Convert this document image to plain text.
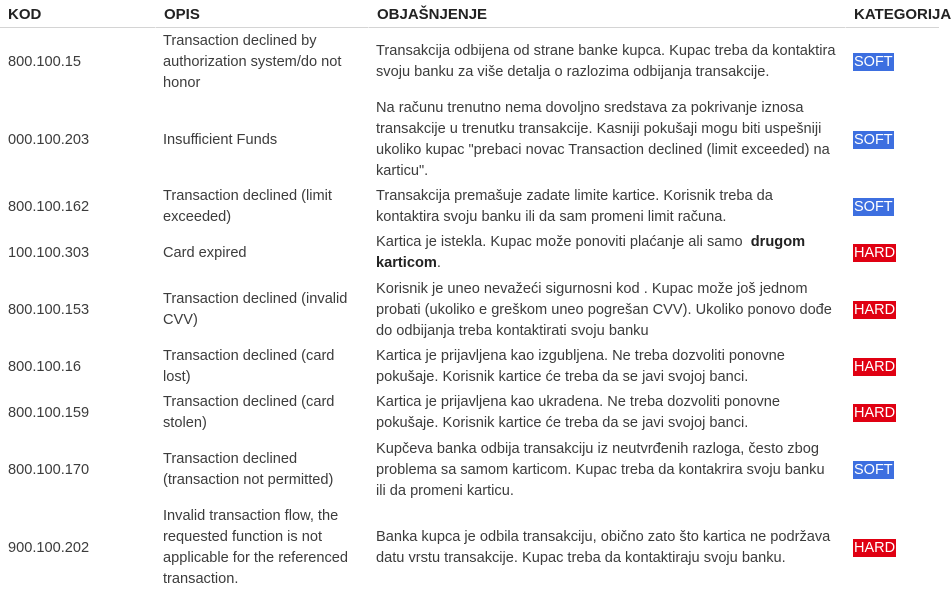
KOD	OPIS	OBJAŠNJENJE	KATEGORIJA
800.100.15	Transaction declined by authorization system/do not honor	Transakcija odbijena od strane banke kupca. Kupac treba da kontaktira svoju banku za više detalja o razlozima odbijanja transakcije.	SOFT
000.100.203	Insufficient Funds	Na računu trenutno nema dovoljno sredstava za pokrivanje iznosa transakcije u trenutku transakcije. Kasniji pokušaji mogu biti uspešniji ukoliko kupac "prebaci novac Transaction declined (limit exceeded) na karticu".	SOFT
800.100.162	Transaction declined (limit exceeded)	Transakcija premašuje zadate limite kartice. Korisnik treba da kontaktira svoju banku ili da sam promeni limit računa.	SOFT
100.100.303	Card expired	Kartica je istekla. Kupac može ponoviti plaćanje ali samo drugom karticom.	HARD
800.100.153	Transaction declined (invalid CVV)	Korisnik je uneo nevažeći sigurnosni kod . Kupac može još jednom probati (ukoliko e greškom uneo pogrešan CVV). Ukoliko ponovo dođe do odbijanja treba kontaktirati svoju banku	HARD
800.100.16	Transaction declined (card lost)	Kartica je prijavljena kao izgubljena. Ne treba dozvoliti ponovne pokušaje. Korisnik kartice će treba da se javi svojoj banci.	HARD
800.100.159	Transaction declined (card stolen)	Kartica je prijavljena kao ukradena. Ne treba dozvoliti ponovne pokušaje. Korisnik kartice će treba da se javi svojoj banci.	HARD
800.100.170	Transaction declined (transaction not permitted)	Kupčeva banka odbija transakciju iz neutvrđenih razloga, često zbog problema sa samom karticom. Kupac treba da kontakrira svoju banku ili da promeni karticu.	SOFT
900.100.202	Invalid transaction flow, the requested function is not applicable for the referenced transaction.	Banka kupca je odbila transakciju, obično zato što kartica ne podržava datu vrstu transakcije. Kupac treba da kontaktiraju svoju banku.	HARD
